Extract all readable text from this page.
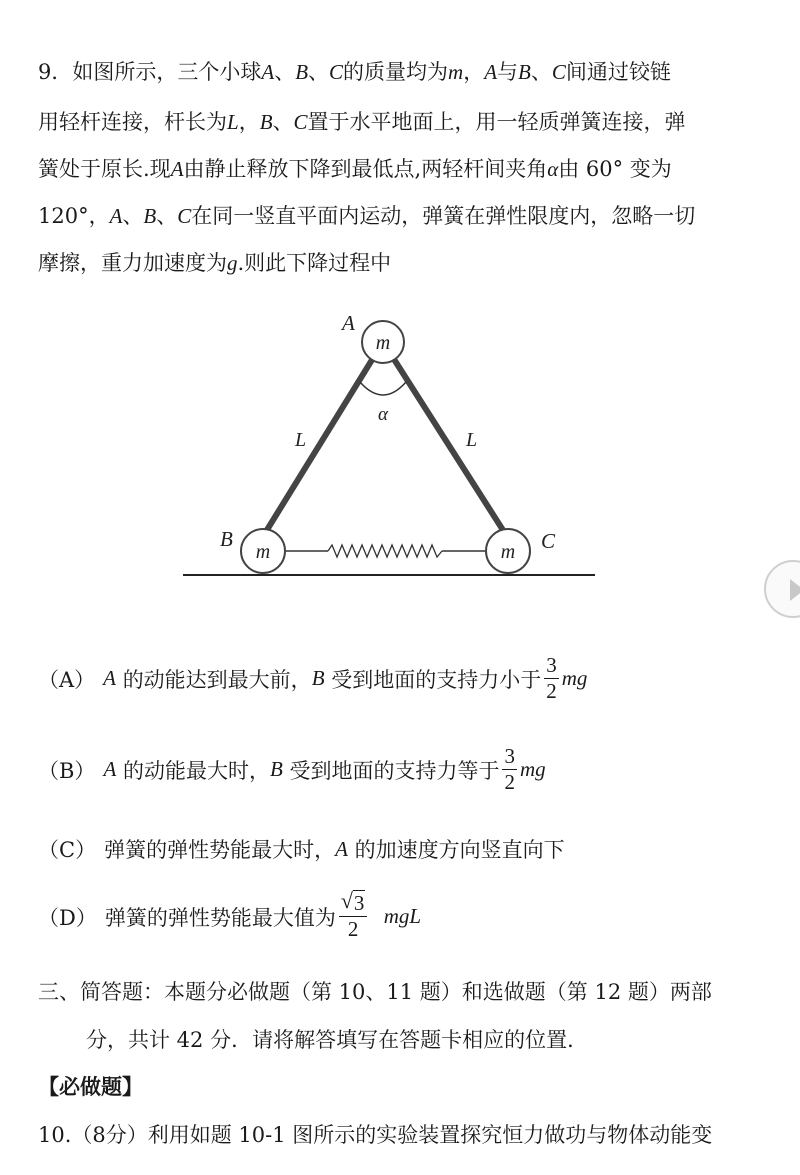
9．如图所示，三个小球A、B、C的质量均为m，A与B、C间通过铰链
用轻杆连接，杆长为L，B、C置于水平地面上，用一轻质弹簧连接，弹
簧处于原长.现A由静止释放下降到最低点,两轻杆间夹角α由 60° 变为
120°，A、B、C在同一竖直平面内运动，弹簧在弹性限度内，忽略一切
摩擦，重力加速度为g.则此下降过程中
m
m	m
A
B	C
L	L
α
（A） A
的动能达到最大前， B
受到地面的支持力小于 $\frac{3}{2}$ mg
（B） A
的动能最大时， B
受到地面的支持力等于 $\frac{3}{2}$ mg
（C） 弹簧的弹性势能最大时， A
的加速度方向竖直向下
（D） 弹簧的弹性势能最大值为 $\frac{√ 3}{2}$
mgL
三、简答题：本题分必做题（第 10、11 题）和选做题（第 12 题）两部
分，共计 42 分．请将解答填写在答题卡相应的位置．
【必做题】
10.（8分）利用如题 10-1 图所示的实验装置探究恒力做功与物体动能变
